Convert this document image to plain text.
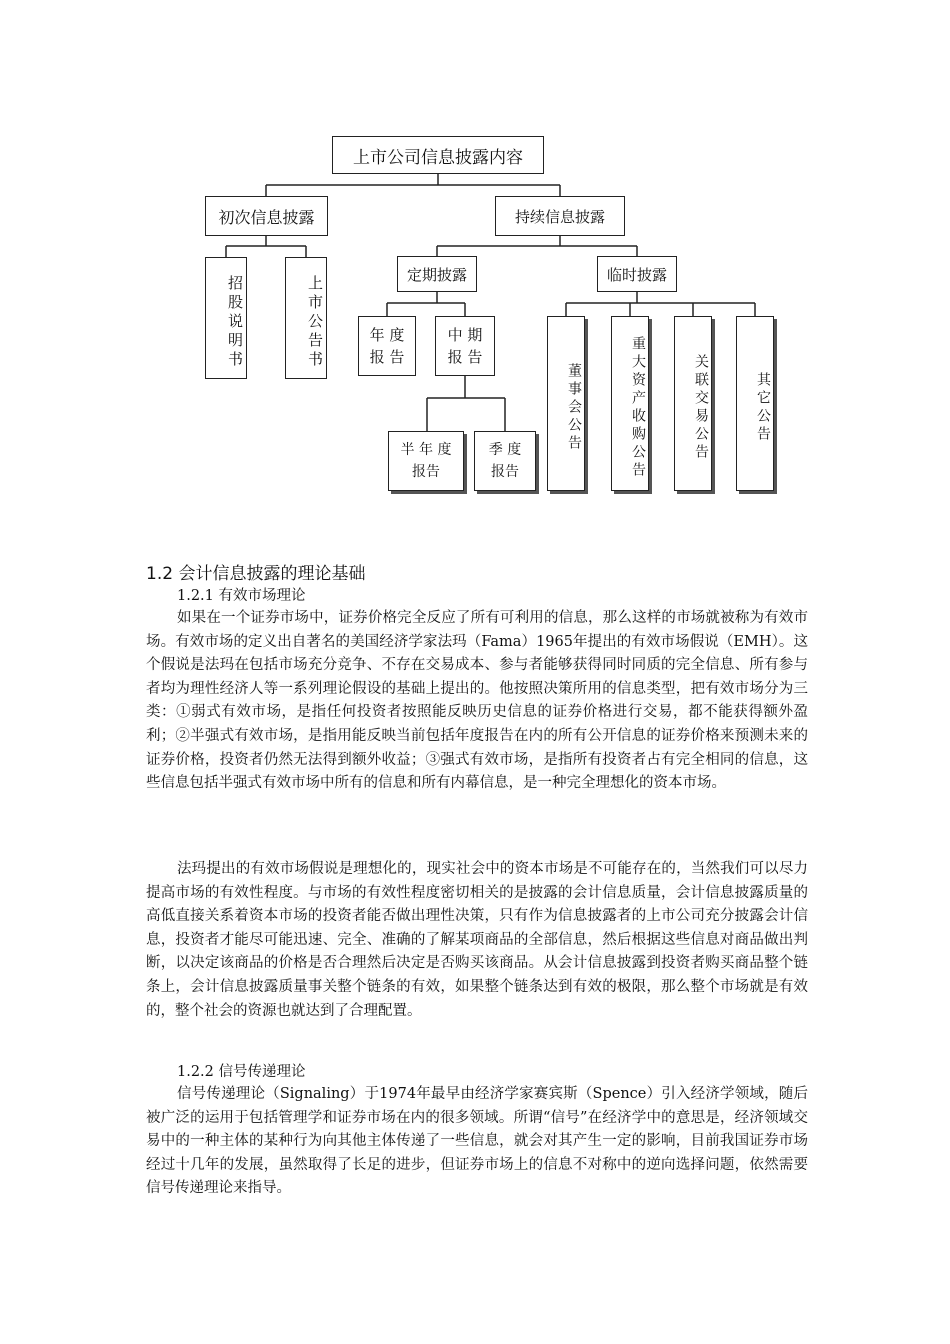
上市公司信息披露内容
初次信息披露	持续信息披露
招股说明书	上市公告书	定期披露	临时披露
年 度
报 告
中 期
报 告
半 年 度
报告
季 度
报告
董事会公告	重大资产收购公告	关联交易公告	其它公告
1.2 会计信息披露的理论基础
1.2.1 有效市场理论

如果在一个证券市场中，证券价格完全反应了所有可利用的信息，那么这样的市场就被称为有效市场。有效市场的定义出自著名的美国经济学家法玛（Fama）1965年提出的有效市场假说（EMH）。这个假说是法玛在包括市场充分竞争、不存在交易成本、参与者能够获得同时同质的完全信息、所有参与者均为理性经济人等一系列理论假设的基础上提出的。他按照决策所用的信息类型，把有效市场分为三类：①弱式有效市场，是指任何投资者按照能反映历史信息的证券价格进行交易，都不能获得额外盈利；②半强式有效市场，是指用能反映当前包括年度报告在内的所有公开信息的证券价格来预测未来的证券价格，投资者仍然无法得到额外收益；③强式有效市场，是指所有投资者占有完全相同的信息，这些信息包括半强式有效市场中所有的信息和所有内幕信息，是一种完全理想化的资本市场。

法玛提出的有效市场假说是理想化的，现实社会中的资本市场是不可能存在的，当然我们可以尽力提高市场的有效性程度。与市场的有效性程度密切相关的是披露的会计信息质量，会计信息披露质量的高低直接关系着资本市场的投资者能否做出理性决策，只有作为信息披露者的上市公司充分披露会计信息，投资者才能尽可能迅速、完全、准确的了解某项商品的全部信息，然后根据这些信息对商品做出判断，以决定该商品的价格是否合理然后决定是否购买该商品。从会计信息披露到投资者购买商品整个链条上，会计信息披露质量事关整个链条的有效，如果整个链条达到有效的极限，那么整个市场就是有效的，整个社会的资源也就达到了合理配置。

1.2.2 信号传递理论

信号传递理论（Signaling）于1974年最早由经济学家赛宾斯（Spence）引入经济学领域，随后被广泛的运用于包括管理学和证券市场在内的很多领域。所谓“信号”在经济学中的意思是，经济领域交易中的一种主体的某种行为向其他主体传递了一些信息，就会对其产生一定的影响，目前我国证券市场经过十几年的发展，虽然取得了长足的进步，但证券市场上的信息不对称中的逆向选择问题，依然需要信号传递理论来指导。
